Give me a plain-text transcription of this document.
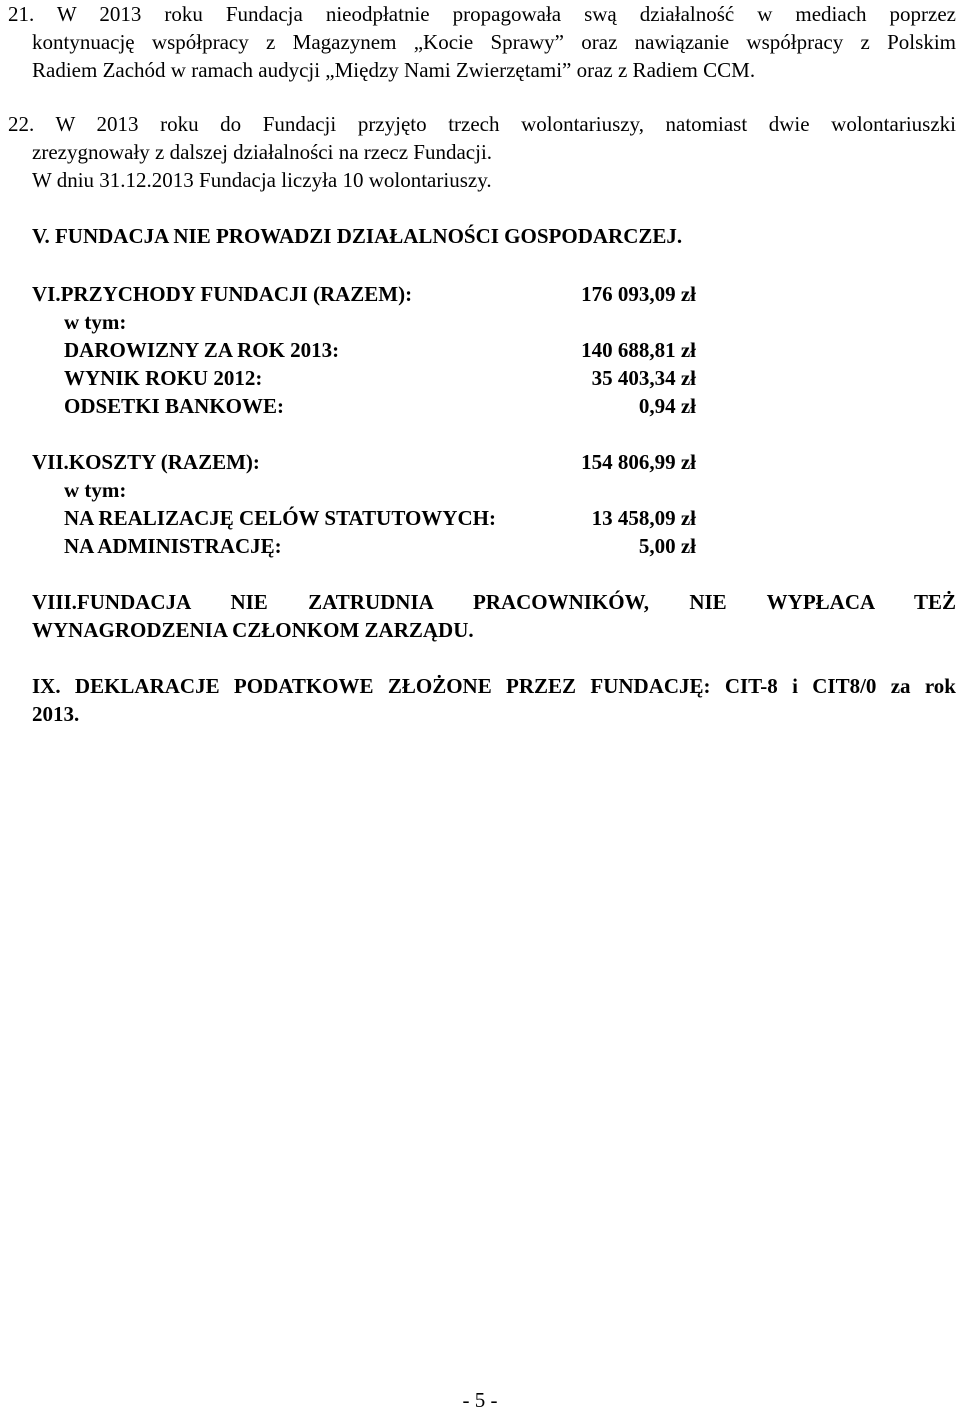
21. W 2013 roku Fundacja nieodpłatnie propagowała swą działalność w mediach poprzez
kontynuację współpracy z Magazynem „Kocie Sprawy” oraz nawiązanie współpracy z Polskim
Radiem Zachód w ramach audycji „Między Nami Zwierzętami” oraz z Radiem CCM.
22. W 2013 roku do Fundacji przyjęto trzech wolontariuszy, natomiast dwie wolontariuszki
zrezygnowały z dalszej działalności na rzecz Fundacji.
W dniu 31.12.2013 Fundacja liczyła 10 wolontariuszy.
V. FUNDACJA NIE PROWADZI DZIAŁALNOŚCI GOSPODARCZEJ.
VI.PRZYCHODY FUNDACJI (RAZEM):	176 093,09 zł
w tym:
DAROWIZNY ZA ROK 2013:	140 688,81 zł
WYNIK ROKU 2012:	35 403,34 zł
ODSETKI BANKOWE:	0,94 zł
VII.KOSZTY (RAZEM):	154 806,99 zł
w tym:
NA REALIZACJĘ CELÓW STATUTOWYCH:	13 458,09 zł
NA ADMINISTRACJĘ:	5,00 zł
VIII.FUNDACJA NIE ZATRUDNIA PRACOWNIKÓW, NIE WYPŁACA TEŻ
WYNAGRODZENIA CZŁONKOM ZARZĄDU.
IX. DEKLARACJE PODATKOWE ZŁOŻONE PRZEZ FUNDACJĘ: CIT-8 i CIT8/0 za rok
2013.
- 5 -
